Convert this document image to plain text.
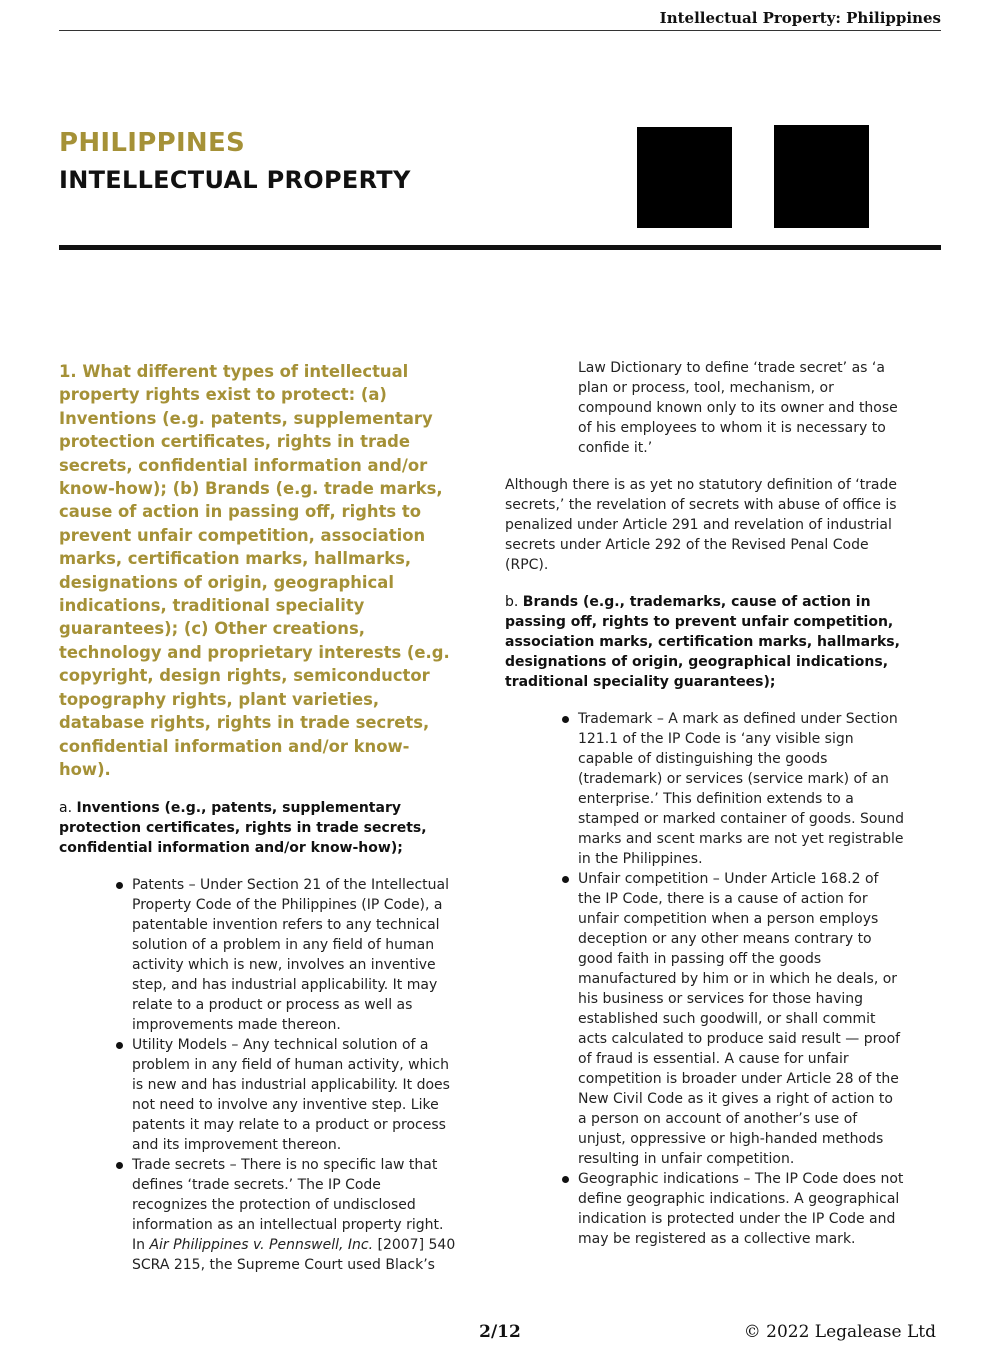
Intellectual Property: Philippines
PHILIPPINES
INTELLECTUAL PROPERTY

1. What different types of intellectual property rights exist to protect: (a) Inventions (e.g. patents, supplementary protection certificates, rights in trade secrets, confidential information and/or know-how); (b) Brands (e.g. trade marks, cause of action in passing off, rights to prevent unfair competition, association marks, certification marks, hallmarks, designations of origin, geographical indications, traditional speciality guarantees); (c) Other creations, technology and proprietary interests (e.g. copyright, design rights, semiconductor topography rights, plant varieties, database rights, rights in trade secrets, confidential information and/or know-how).

a. Inventions (e.g., patents, supplementary protection certificates, rights in trade secrets, confidential information and/or know-how);

Patents – Under Section 21 of the Intellectual Property Code of the Philippines (IP Code), a patentable invention refers to any technical solution of a problem in any field of human activity which is new, involves an inventive step, and has industrial applicability. It may relate to a product or process as well as improvements made thereon.
Utility Models – Any technical solution of a problem in any field of human activity, which is new and has industrial applicability. It does not need to involve any inventive step. Like patents it may relate to a product or process and its improvement thereon.
Trade secrets – There is no specific law that defines ‘trade secrets.’ The IP Code recognizes the protection of undisclosed information as an intellectual property right. In Air Philippines v. Pennswell, Inc. [2007] 540 SCRA 215, the Supreme Court used Black’s

Law Dictionary to define ‘trade secret’ as ‘a plan or process, tool, mechanism, or compound known only to its owner and those of his employees to whom it is necessary to confide it.’

Although there is as yet no statutory definition of ‘trade secrets,’ the revelation of secrets with abuse of office is penalized under Article 291 and revelation of industrial secrets under Article 292 of the Revised Penal Code (RPC).

b. Brands (e.g., trademarks, cause of action in passing off, rights to prevent unfair competition, association marks, certification marks, hallmarks, designations of origin, geographical indications, traditional speciality guarantees);

Trademark – A mark as defined under Section 121.1 of the IP Code is ‘any visible sign capable of distinguishing the goods (trademark) or services (service mark) of an enterprise.’ This definition extends to a stamped or marked container of goods. Sound marks and scent marks are not yet registrable in the Philippines.
Unfair competition – Under Article 168.2 of the IP Code, there is a cause of action for unfair competition when a person employs deception or any other means contrary to good faith in passing off the goods manufactured by him or in which he deals, or his business or services for those having established such goodwill, or shall commit acts calculated to produce said result — proof of fraud is essential. A cause for unfair competition is broader under Article 28 of the New Civil Code as it gives a right of action to a person on account of another’s use of unjust, oppressive or high-handed methods resulting in unfair competition.
Geographic indications – The IP Code does not define geographic indications. A geographical indication is protected under the IP Code and may be registered as a collective mark.
2/12	© 2022 Legalease Ltd
